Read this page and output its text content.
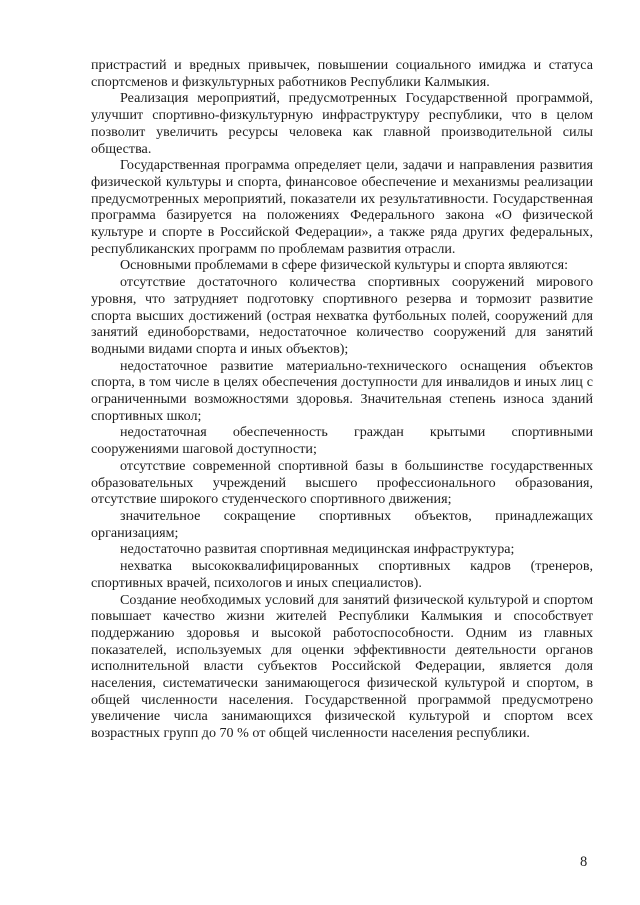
пристрастий и вредных привычек, повышении социального имиджа и статуса спортсменов и физкультурных работников Республики Калмыкия.

Реализация мероприятий, предусмотренных Государственной программой, улучшит спортивно-физкультурную инфраструктуру республики, что в целом позволит увеличить ресурсы человека как главной производительной силы общества.

Государственная программа определяет цели, задачи и направления развития физической культуры и спорта, финансовое обеспечение и механизмы реализации предусмотренных мероприятий, показатели их результативности. Государственная программа базируется на положениях Федерального закона «О физической культуре и спорте в Российской Федерации», а также ряда других федеральных, республиканских программ по проблемам развития отрасли.

Основными проблемами в сфере физической культуры и спорта являются:

отсутствие достаточного количества спортивных сооружений мирового уровня, что затрудняет подготовку спортивного резерва и тормозит развитие спорта высших достижений (острая нехватка футбольных полей, сооружений для занятий единоборствами, недостаточное количество сооружений для занятий водными видами спорта и иных объектов);

недостаточное развитие материально-технического оснащения объектов спорта, в том числе в целях обеспечения доступности для инвалидов и иных лиц с ограниченными возможностями здоровья. Значительная степень износа зданий спортивных школ;

недостаточная обеспеченность граждан крытыми спортивными сооружениями шаговой доступности;

отсутствие современной спортивной базы в большинстве государственных образовательных учреждений высшего профессионального образования, отсутствие широкого студенческого спортивного движения;

значительное сокращение спортивных объектов, принадлежащих организациям;

недостаточно развитая спортивная медицинская инфраструктура;

нехватка высококвалифицированных спортивных кадров (тренеров, спортивных врачей, психологов и иных специалистов).

Создание необходимых условий для занятий физической культурой и спортом повышает качество жизни жителей Республики Калмыкия и способствует поддержанию здоровья и высокой работоспособности. Одним из главных показателей, используемых для оценки эффективности деятельности органов исполнительной власти субъектов Российской Федерации, является доля населения, систематически занимающегося физической культурой и спортом, в общей численности населения. Государственной программой предусмотрено увеличение числа занимающихся физической культурой и спортом всех возрастных групп до 70 % от общей численности населения республики.

8
